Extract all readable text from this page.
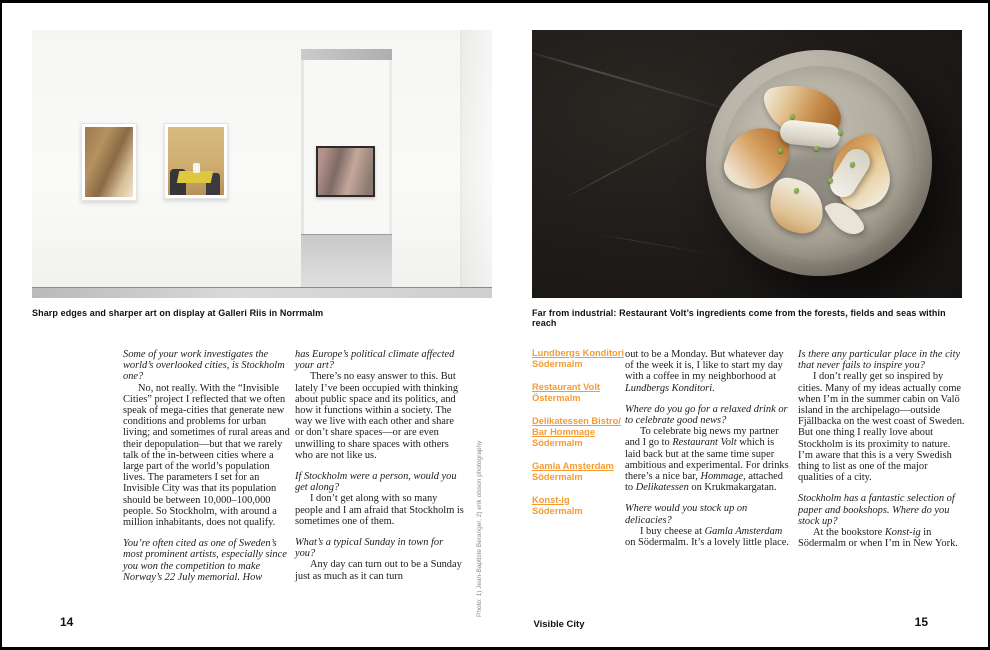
Sharp edges and sharper art on display at Galleri Riis in Norrmalm	Far from industrial: Restaurant Volt’s ingredients come from the forests, fields and seas within reach

Some of your work investigates the world’s overlooked cities, is Stockholm one?

No, not really. With the “Invisible Cities” project I reflected that we often speak of mega-cities that generate new conditions and problems for urban living; and sometimes of rural areas and their depopulation—but that we rarely talk of the in-between cities where a large part of the world’s population lives. The parameters I set for an Invisible City was that its population should be between 10,000–100,000 people. So Stockholm, with around a million inhabitants, does not qualify.

You’re often cited as one of Sweden’s most prominent artists, especially since you won the competition to make Norway’s 22 July memorial. How

has Europe’s political climate affected your art?

There’s no easy answer to this. But lately I’ve been occupied with thinking about public space and its politics, and how it functions within a society. The way we live with each other and share or don’t share spaces—or are even unwilling to share spaces with others who are not like us.

If Stockholm were a person, would you get along?

I don’t get along with so many people and I am afraid that Stockholm is sometimes one of them.

What’s a typical Sunday in town for you?

Any day can turn out to be a Sunday just as much as it can turn

out to be a Monday. But whatever day of the week it is, I like to start my day with a coffee in my neighborhood at Lundbergs Konditori.

Where do you go for a relaxed drink or to celebrate good news?

To celebrate big news my partner and I go to Restaurant Volt which is laid back but at the same time super ambitious and experimental. For drinks there’s a nice bar, Hommage, attached to Delikatessen on Krukmakargatan.

Where would you stock up on delicacies?

I buy cheese at Gamla Amsterdam on Södermalm. It’s a lovely little place.

Is there any particular place in the city that never fails to inspire you?

I don’t really get so inspired by cities. Many of my ideas actually come when I’m in the summer cabin on Valö island in the archipelago—outside Fjällbacka on the west coast of Sweden. But one thing I really love about Stockholm is its proximity to nature. I’m aware that this is a very Swedish thing to list as one of the major qualities of a city.

Stockholm has a fantastic selection of paper and bookshops. Where do you stock up?

At the bookstore Konst-ig in Södermalm or when I’m in New York.

Lundbergs Konditori
Södermalm
Restaurant Volt
Östermalm
Delikatessen Bistro/ Bar Hommage
Södermalm
Gamla Amsterdam
Södermalm
Konst-ig
Södermalm
Photo: 1) Jean-Baptiste Beranger, 2) erik olsson photography
14	Visible City	15
